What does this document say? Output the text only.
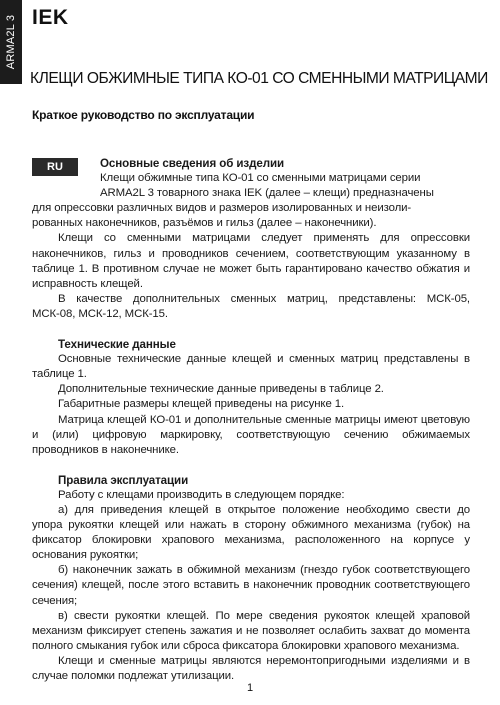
ARMA2L 3 IEK
КЛЕЩИ ОБЖИМНЫЕ ТИПА КО-01 СО СМЕННЫМИ МАТРИЦАМИ
Краткое руководство по эксплуатации
RU	Основные сведения об изделии

Клещи обжимные типа КО-01 со сменными матрицами серии

ARMA2L 3 товарного знака IEK (далее – клещи) предназначены

для опрессовки различных видов и размеров изолированных и неизоли-

рованных наконечников, разъёмов и гильз (далее – наконечники).

Клещи со сменными матрицами следует применять для опрессовки наконечников, гильз и проводников сечением, соответствующим указанному в таблице 1. В противном случае не может быть гарантировано качество обжатия и исправность клещей.

В качестве дополнительных сменных матриц, представлены: МСК-05, МСК-08, МСК-12, МСК-15.

Технические данные

Основные технические данные клещей и сменных матриц представлены в таблице 1.

Дополнительные технические данные приведены в таблице 2.

Габаритные размеры клещей приведены на рисунке 1.

Матрица клещей КО-01 и дополнительные сменные матрицы имеют цветовую и (или) цифровую маркировку, соответствующую сечению обжимаемых проводников в наконечнике.

Правила эксплуатации

Работу с клещами производить в следующем порядке:

а) для приведения клещей в открытое положение необходимо свести до упора рукоятки клещей или нажать в сторону обжимного механизма (губок) на фиксатор блокировки храпового механизма, расположенного на корпусе у основания рукоятки;

б) наконечник зажать в обжимной механизм (гнездо губок соответствующего сечения) клещей, после этого вставить в наконечник проводник соответствующего сечения;

в) свести рукоятки клещей. По мере сведения рукояток клещей храповой механизм фиксирует степень зажатия и не позволяет ослабить захват до момента полного смыкания губок или сброса фиксатора блокировки храпового механизма.

Клещи и сменные матрицы являются неремонтопригодными изделиями и в случае поломки подлежат утилизации.

1
